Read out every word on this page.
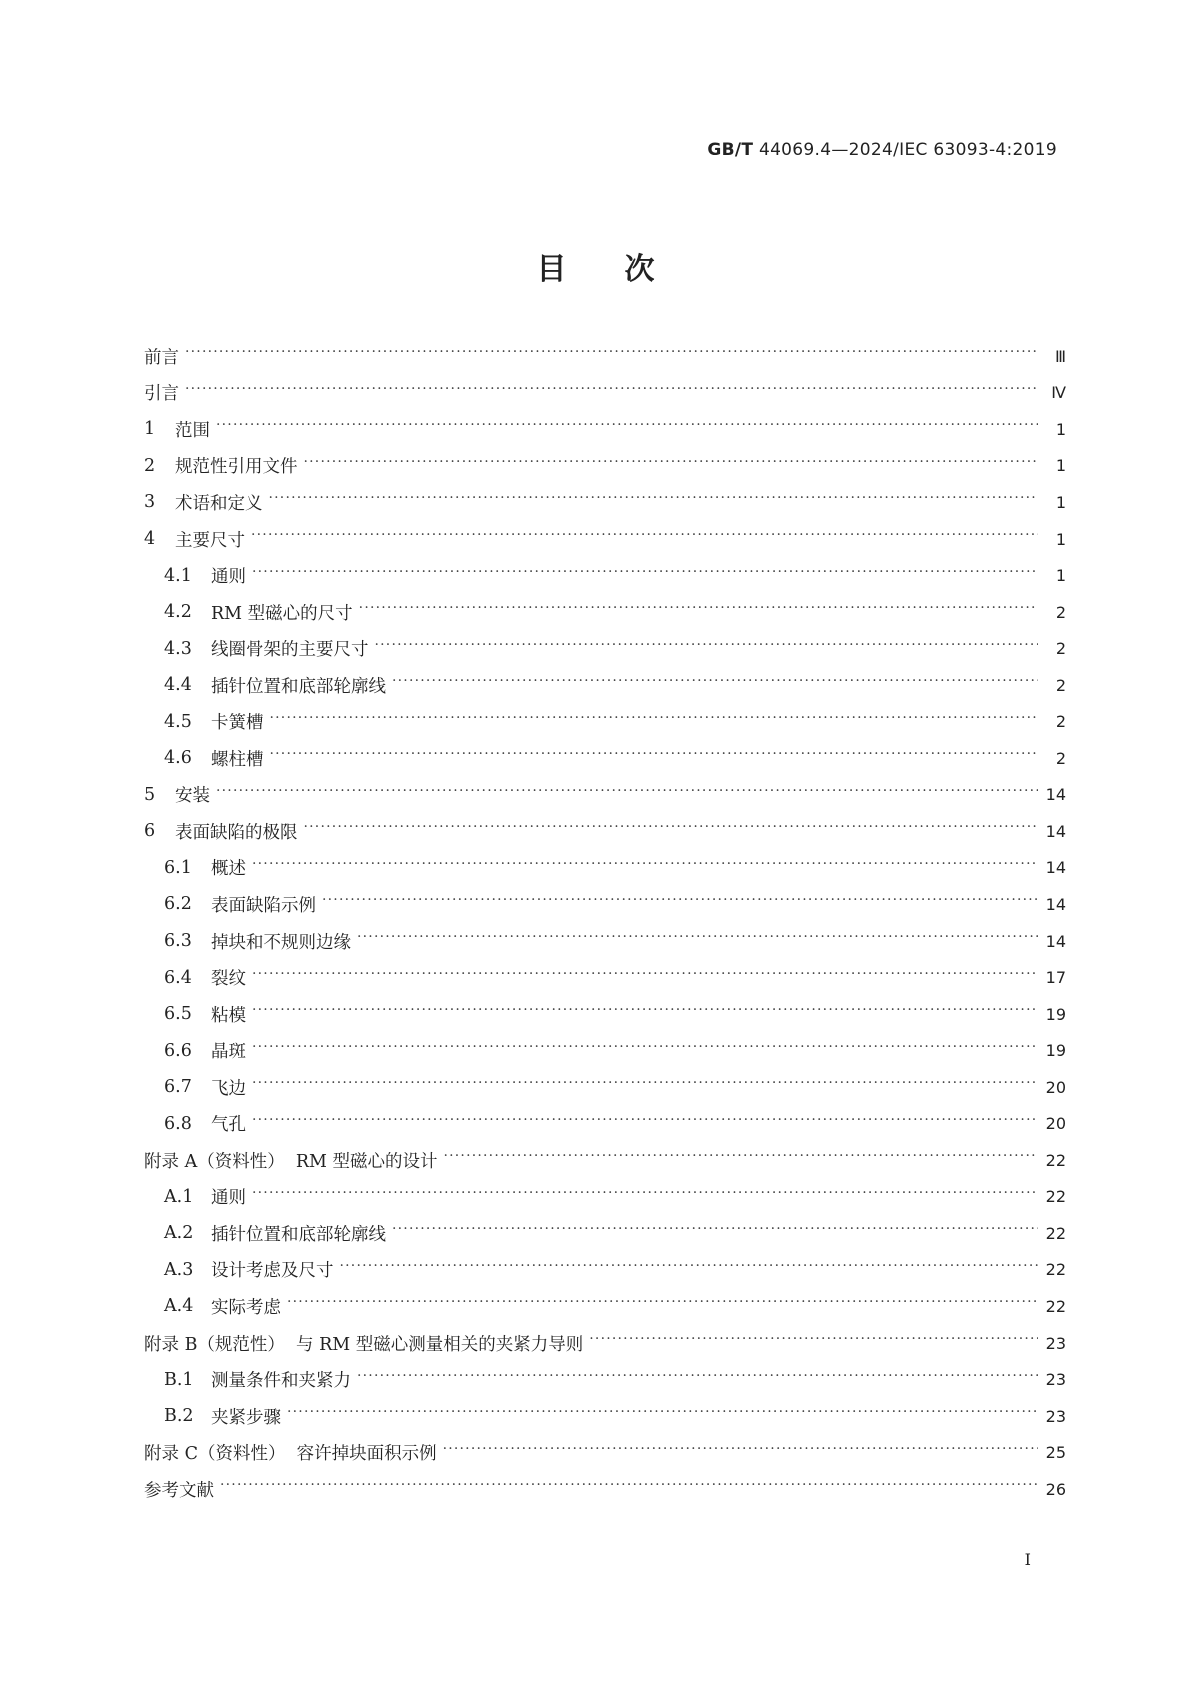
GB/T 44069.4—2024/IEC 63093-4:2019
目次
前言 ·····	Ⅲ
引言 ·····	Ⅳ
1	范围 ·····	1
2	规范性引用文件 ·····	1
3	术语和定义 ·····	1
4	主要尺寸 ·····	1
4.1	通则 ·····	1
4.2	RM 型磁心的尺寸 ·····	2
4.3	线圈骨架的主要尺寸 ·····	2
4.4	插针位置和底部轮廓线 ·····	2
4.5	卡簧槽 ·····	2
4.6	螺柱槽 ·····	2
5	安装 ·····	14
6	表面缺陷的极限 ·····	14
6.1	概述 ·····	14
6.2	表面缺陷示例 ·····	14
6.3	掉块和不规则边缘 ·····	14
6.4	裂纹 ·····	17
6.5	粘模 ·····	19
6.6	晶斑 ·····	19
6.7	飞边 ·····	20
6.8	气孔 ·····	20
附录 A（资料性）  RM 型磁心的设计 ·····	22
A.1	通则 ·····	22
A.2	插针位置和底部轮廓线 ·····	22
A.3	设计考虑及尺寸 ·····	22
A.4	实际考虑 ·····	22
附录 B（规范性）  与 RM 型磁心测量相关的夹紧力导则 ·····	23
B.1 测量条件和夹紧力 ·····	23
B.2 夹紧步骤 ·····	23
附录 C（资料性）  容许掉块面积示例 ·····	25
参考文献 ·····	26
I
